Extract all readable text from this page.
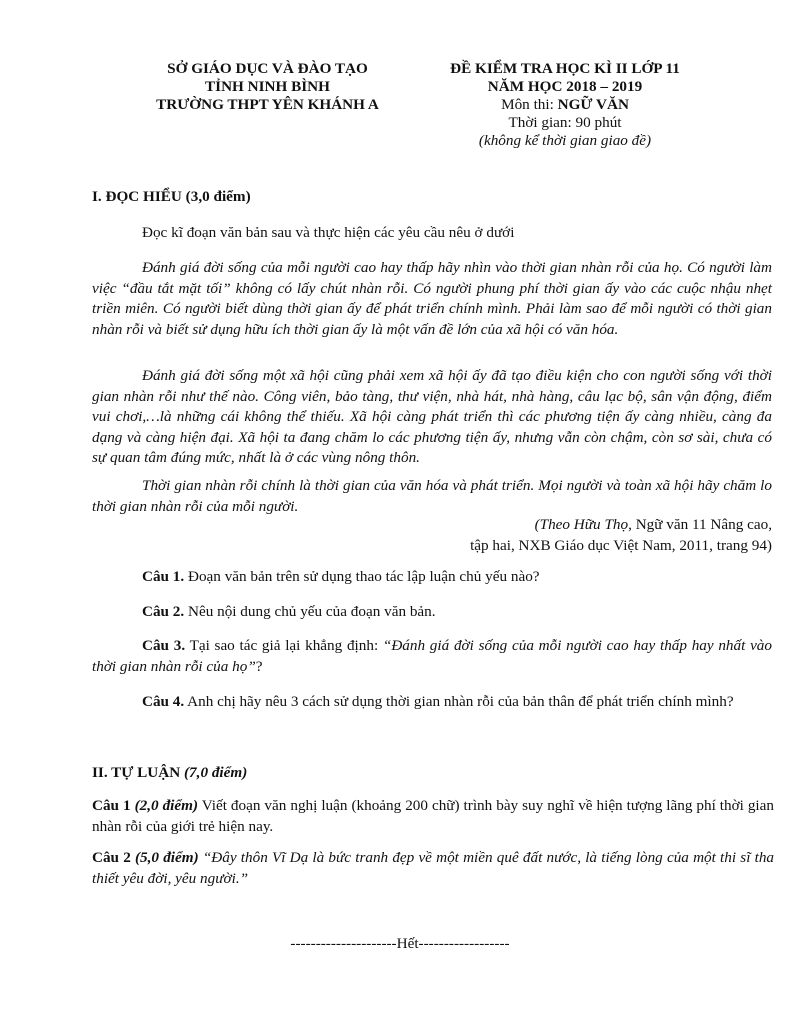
SỞ GIÁO DỤC VÀ ĐÀO TẠO
TỈNH NINH BÌNH
TRƯỜNG THPT YÊN KHÁNH A
ĐỀ KIỂM TRA HỌC KÌ II LỚP 11
NĂM HỌC 2018 – 2019
Môn thi: NGỮ VĂN
Thời gian: 90 phút
(không kể thời gian giao đề)
I. ĐỌC HIỂU (3,0 điểm)
Đọc kĩ đoạn văn bản sau và thực hiện các yêu cầu nêu ở dưới
Đánh giá đời sống của mỗi người cao hay thấp hãy nhìn vào thời gian nhàn rỗi của họ. Có người làm việc “đầu tắt mặt tối” không có lấy chút nhàn rỗi. Có người phung phí thời gian ấy vào các cuộc nhậu nhẹt triền miên. Có người biết dùng thời gian ấy để phát triển chính mình. Phải làm sao để mỗi người có thời gian nhàn rỗi và biết sử dụng hữu ích thời gian ấy là một vấn đề lớn của xã hội có văn hóa.
Đánh giá đời sống một xã hội cũng phải xem xã hội ấy đã tạo điều kiện cho con người sống với thời gian nhàn rỗi như thế nào. Công viên, bảo tàng, thư viện, nhà hát, nhà hàng, câu lạc bộ, sân vận động, điểm vui chơi,…là những cái không thể thiếu. Xã hội càng phát triển thì các phương tiện ấy càng nhiều, càng đa dạng và càng hiện đại. Xã hội ta đang chăm lo các phương tiện ấy, nhưng vẫn còn chậm, còn sơ sài, chưa có sự quan tâm đúng mức, nhất là ở các vùng nông thôn.
Thời gian nhàn rỗi chính là thời gian của văn hóa và phát triển. Mọi người và toàn xã hội hãy chăm lo thời gian nhàn rỗi của mỗi người.
(Theo Hữu Thọ, Ngữ văn 11 Nâng cao,
tập hai, NXB Giáo dục Việt Nam, 2011, trang 94)
Câu 1. Đoạn văn bản trên sử dụng thao tác lập luận chủ yếu nào?
Câu 2. Nêu nội dung chủ yếu của đoạn văn bản.
Câu 3. Tại sao tác giả lại khẳng định: “Đánh giá đời sống của mỗi người cao hay thấp hay nhất vào thời gian nhàn rỗi của họ”?
Câu 4. Anh chị hãy nêu 3 cách sử dụng thời gian nhàn rỗi của bản thân để phát triển chính mình?
II. TỰ LUẬN (7,0 điểm)
Câu 1 (2,0 điểm) Viết đoạn văn nghị luận (khoảng 200 chữ) trình bày suy nghĩ về hiện tượng lãng phí thời gian nhàn rỗi của giới trẻ hiện nay.
Câu 2 (5,0 điểm) “Đây thôn Vĩ Dạ là bức tranh đẹp về một miền quê đất nước, là tiếng lòng của một thi sĩ tha thiết yêu đời, yêu người.”
---------------------Hết------------------
